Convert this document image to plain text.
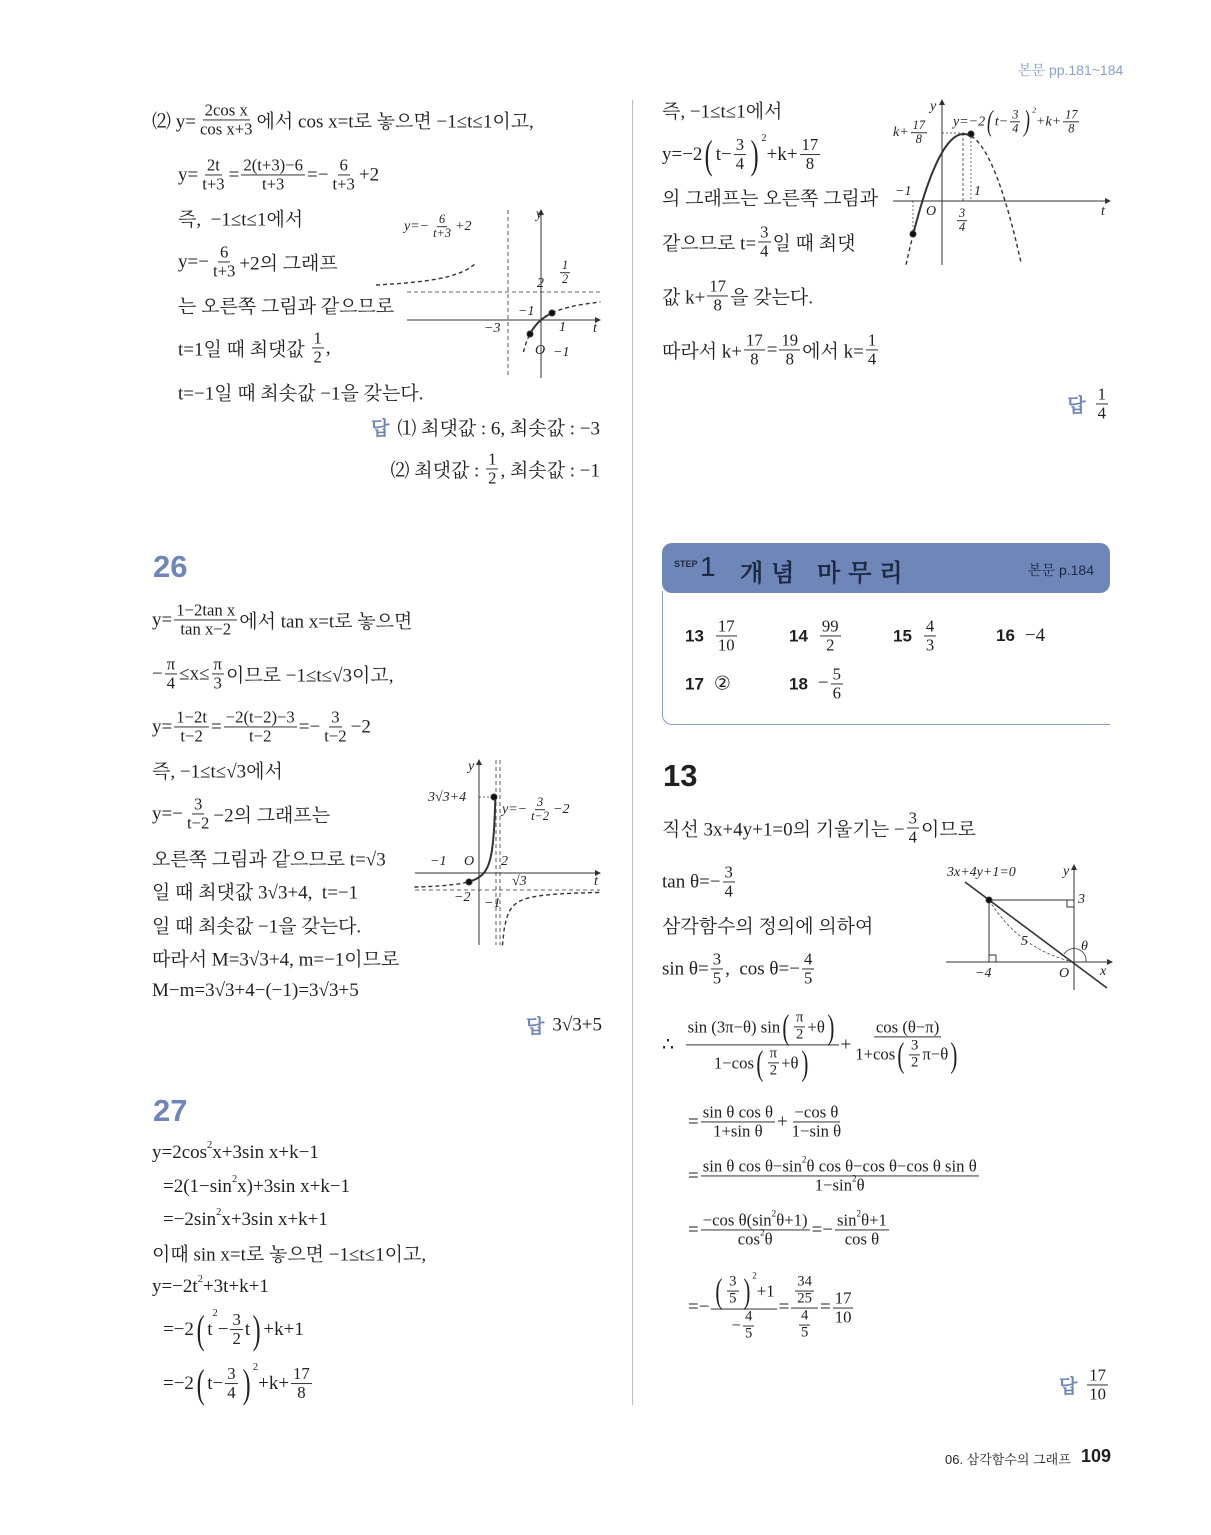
본문 pp.181~184
⑵ $y= \frac{\text{2cos x}}{\text{cos x+3}}$ 에서 cos x=t로 놓으면 −1≤t≤1이고,
$y= \frac{2t}{t+3} = \frac{2(t+3)-6}{t+3} =- \frac{6}{t+3} +2$
즉,  −1≤t≤1에서
$y=- \frac{6}{t+3} +2$의 그래프
는 오른쪽 그림과 같으므로
t=1일 때 최댓값 $\frac{1}{2}$ ,
t=−1일 때 최솟값 −1을 갖는다.
답 ⑴ 최댓값 : 6, 최솟값 : −3
⑵ 최댓값 : $\frac{1}{2}$ , 최솟값 : −1
y
$y=- \frac{6}{t+3} +2$
$2 \frac{1}{2}$
−1
−3	1 t
O −1
즉, −1≤t≤1에서
y=−2 ( $t- \frac{3}{4}$ ) 2
$+k+ \frac{17}{8}$
의 그래프는 오른쪽 그림과
같으므로 $t= \frac{3}{4}$ 일 때 최댓
값 $k+ \frac{17}{8}$ 을 갖는다.
따라서 $k+ \frac{17}{8} = \frac{19}{8}$ 에서 $k= \frac{1}{4}$
답 $\frac{1}{4}$
y
$k+ \frac{17}{8} y=-2$ ( $t- \frac{3}{4}$ ) 2
$+k+ \frac{17}{8}$
−1	1
O $\frac{3}{4}$	t
26
$y= \frac{\text{1−2tan x}}{\text{tan x−2}}$ 에서 tan x=t로 놓으면
− $\frac{\pi}{4} \le x\le \frac{\pi}{3}$ 이므로 −1≤t≤√3이고,
$y= \frac{1-2t}{t-2} = \frac{-2(t-2)-3}{t-2} =- \frac{3}{t-2} -2$
즉, −1≤t≤√3에서
$y=- \frac{3}{t-2} -2$의 그래프는
오른쪽 그림과 같으므로 t=√3
일 때 최댓값 3√3+4,  t=−1
일 때 최솟값 −1을 갖는다.
따라서 M=3√3+4, m=−1이므로
M−m=3√3+4−(−1)=3√3+5
답 3√3+5
y
3√3+4
$y=- \frac{3}{t-2} -2$
−1 O 2
√3	t
−2 −1
27
y=2cos 2 x+3sin x+k−1
=2(1−sin 2 x)+3sin x+k−1
=−2sin 2 x+3sin x+k+1
이때 sin x=t로 놓으면 −1≤t≤1이고,
y=−2t 2 +3t+k+1
=−2 ( t
2
− $\frac{3}{2}$ t ) +k+1
=−2 ( $t- \frac{3}{4}$ ) 2
$+k+ \frac{17}{8}$
STEP 1 개념 마무리	본문 p.184
$13 \frac{17}{10}$	$14 \frac{99}{2}$	$15 \frac{4}{3}$	16 −4
17 ②	$18 - \frac{5}{6}$
13
직선 3x+4y+1=0의 기울기는 − $\frac{3}{4}$ 이므로
$\tan \theta=- \frac{3}{4}$
삼각함수의 정의에 의하여
$\sin \theta= \frac{3}{5}$ ,  $\cos \theta=- \frac{4}{5}$
∴ $\frac{\sin (3\pi-\theta) \sin ( \frac{\pi}{2} +\theta )}{1-\cos ( \frac{\pi}{2} +\theta )} + \frac{\cos (\theta-\pi)}{1+\cos ( \frac{3}{2} \pi-\theta )}$
= $\frac{\text{sin θ cos θ}}{\text{1+sin θ}} + \frac{\text{−cos θ}}{\text{1−sin θ}}$
= $\frac{\text{sin θ cos θ−sin 2 θ cos θ−cos θ−cos θ sin θ}}{1-\sin 2 \theta}$
= $\frac{\text{−cos θ(sin 2 θ+1)}}{\cos 2 \theta} =- \frac{\sin 2 \theta+1}{\text{cos θ}}$
=− ( $\frac{3}{5}$ ) 2
+1
− $\frac{4}{5} = \frac{\frac{34}{25}}{\frac{4}{5}} = \frac{17}{10}$
답 $\frac{17}{10}$
3x+4y+1=0	y
3
5	θ
−4	O x
06. 삼각함수의 그래프 109
